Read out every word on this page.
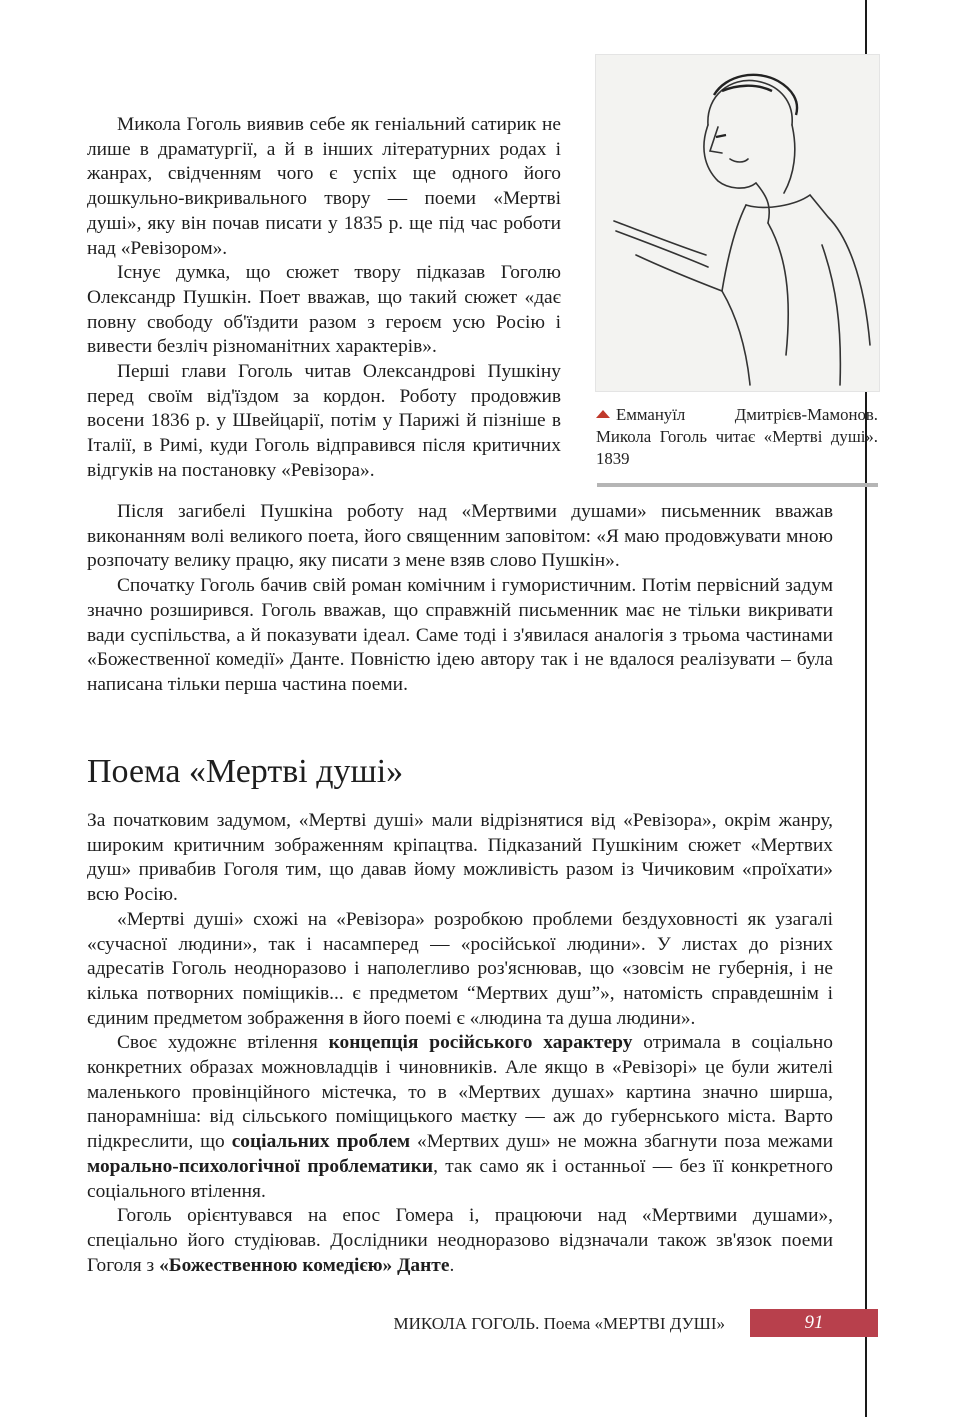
Микола Гоголь виявив себе як геніальний сатирик не лише в драматургії, а й в інших літературних родах і жанрах, свідченням чого є успіх ще одного його дошкульно-викривального твору — поеми «Мертві душі», яку він почав писати у 1835 р. ще під час роботи над «Ревізором».

Існує думка, що сюжет твору підказав Гоголю Олександр Пушкін. Поет вважав, що такий сюжет «дає повну свободу об'їздити разом з героєм усю Росію і вивести безліч різноманітних характерів».

Перші глави Гоголь читав Олександрові Пушкіну перед своїм від'їздом за кордон. Роботу продовжив восени 1836 р. у Швейцарії, потім у Парижі й пізніше в Італії, в Римі, куди Гоголь відправився після критичних відгуків на постановку «Ревізора».

Еммануїл Дмитрієв-Мамонов. Микола Гоголь читає «Мертві душі». 1839

Після загибелі Пушкіна роботу над «Мертвими душами» письменник вважав виконанням волі великого поета, його священним заповітом: «Я маю продовжувати мною розпочату велику працю, яку писати з мене взяв слово Пушкін».

Спочатку Гоголь бачив свій роман комічним і гумористичним. Потім первісний задум значно розширився. Гоголь вважав, що справжній письменник має не тільки викривати вади суспільства, а й показувати ідеал. Саме тоді і з'явилася аналогія з трьома частинами «Божественної комедії» Данте. Повністю ідею автору так і не вдалося реалізувати – була написана тільки перша частина поеми.

Поема «Мертві душі»

За початковим задумом, «Мертві душі» мали відрізнятися від «Ревізора», окрім жанру, широким критичним зображенням кріпацтва. Підказаний Пушкіним сюжет «Мертвих душ» привабив Гоголя тим, що давав йому можливість разом із Чичиковим «проїхати» всю Росію.

«Мертві душі» схожі на «Ревізора» розробкою проблеми бездуховності як узагалі «сучасної людини», так і насамперед — «російської людини». У листах до різних адресатів Гоголь неодноразово і наполегливо роз'яснював, що «зовсім не губернія, і не кілька потворних поміщиків... є предметом “Мертвих душ”», натомість справдешнім і єдиним предметом зображення в його поемі є «людина та душа людини».

Своє художнє втілення концепція російського характеру отримала в соціально конкретних образах можновладців і чиновників. Але якщо в «Ревізорі» це були жителі маленького провінційного містечка, то в «Мертвих душах» картина значно ширша, панорамніша: від сільського поміщицького маєтку — аж до губернського міста. Варто підкреслити, що соціальних проблем «Мертвих душ» не можна збагнути поза межами морально-психологічної проблематики, так само як і останньої — без її конкретного соціального втілення.

Гоголь орієнтувався на епос Гомера і, працюючи над «Мертвими душами», спеціально його студіював. Дослідники неодноразово відзначали також зв'язок поеми Гоголя з «Божественною комедією» Данте.

МИКОЛА ГОГОЛЬ. Поема «МЕРТВІ ДУШІ»	91
